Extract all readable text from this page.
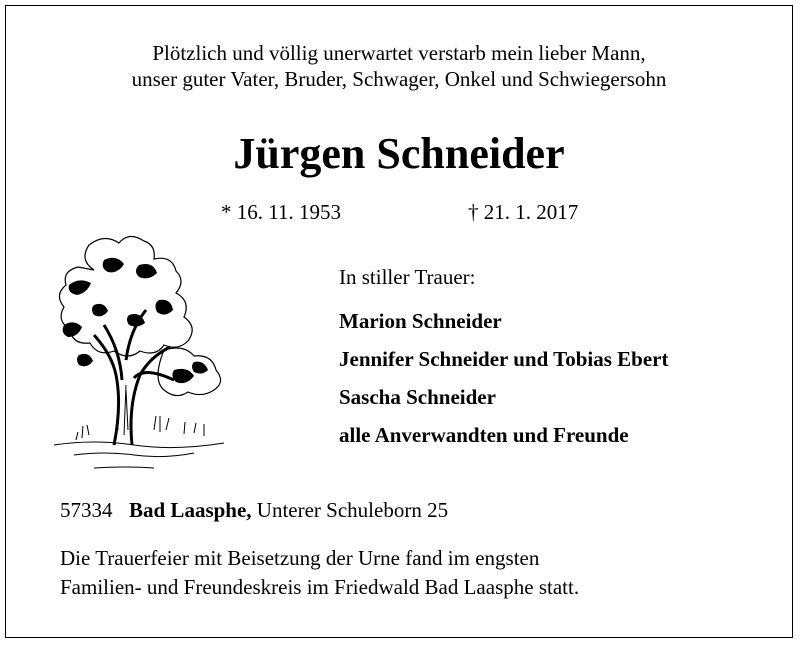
Plötzlich und völlig unerwartet verstarb mein lieber Mann,
unser guter Vater, Bruder, Schwager, Onkel und Schwiegersohn
Jürgen Schneider
* 16. 11. 1953	† 21. 1. 2017
In stiller Trauer:
Marion Schneider
Jennifer Schneider und Tobias Ebert
Sascha Schneider
alle Anverwandten und Freunde
57334 Bad Laasphe, Unterer Schuleborn 25
Die Trauerfeier mit Beisetzung der Urne fand im engsten
Familien- und Freundeskreis im Friedwald Bad Laasphe statt.
